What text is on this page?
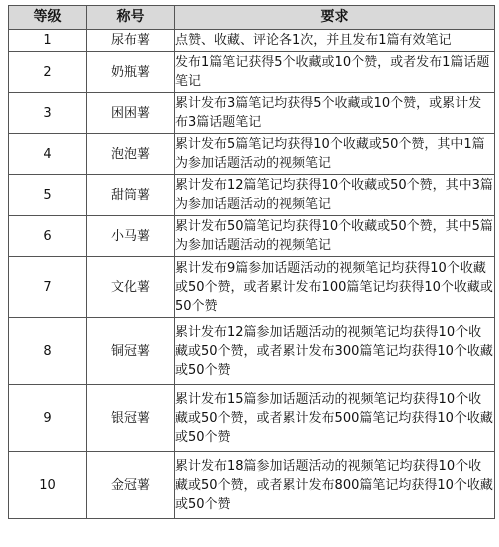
等级	称号	要求
1	尿布薯	点赞、收藏、评论各1次，并且发布1篇有效笔记
2	奶瓶薯	发布1篇笔记获得5个收藏或10个赞，或者发布1篇话题笔记
3	困困薯	累计发布3篇笔记均获得5个收藏或10个赞，或累计发布3篇话题笔记
4	泡泡薯	累计发布5篇笔记均获得10个收藏或50个赞，其中1篇为参加话题活动的视频笔记
5	甜筒薯	累计发布12篇笔记均获得10个收藏或50个赞，其中3篇为参加话题活动的视频笔记
6	小马薯	累计发布50篇笔记均获得10个收藏或50个赞，其中5篇为参加话题活动的视频笔记
7	文化薯	累计发布9篇参加话题活动的视频笔记均获得10个收藏或50个赞，或者累计发布100篇笔记均获得10个收藏或50个赞
8	铜冠薯	累计发布12篇参加话题活动的视频笔记均获得10个收藏或50个赞，或者累计发布300篇笔记均获得10个收藏或50个赞
9	银冠薯	累计发布15篇参加话题活动的视频笔记均获得10个收藏或50个赞，或者累计发布500篇笔记均获得10个收藏或50个赞
10	金冠薯	累计发布18篇参加话题活动的视频笔记均获得10个收藏或50个赞，或者累计发布800篇笔记均获得10个收藏或50个赞
